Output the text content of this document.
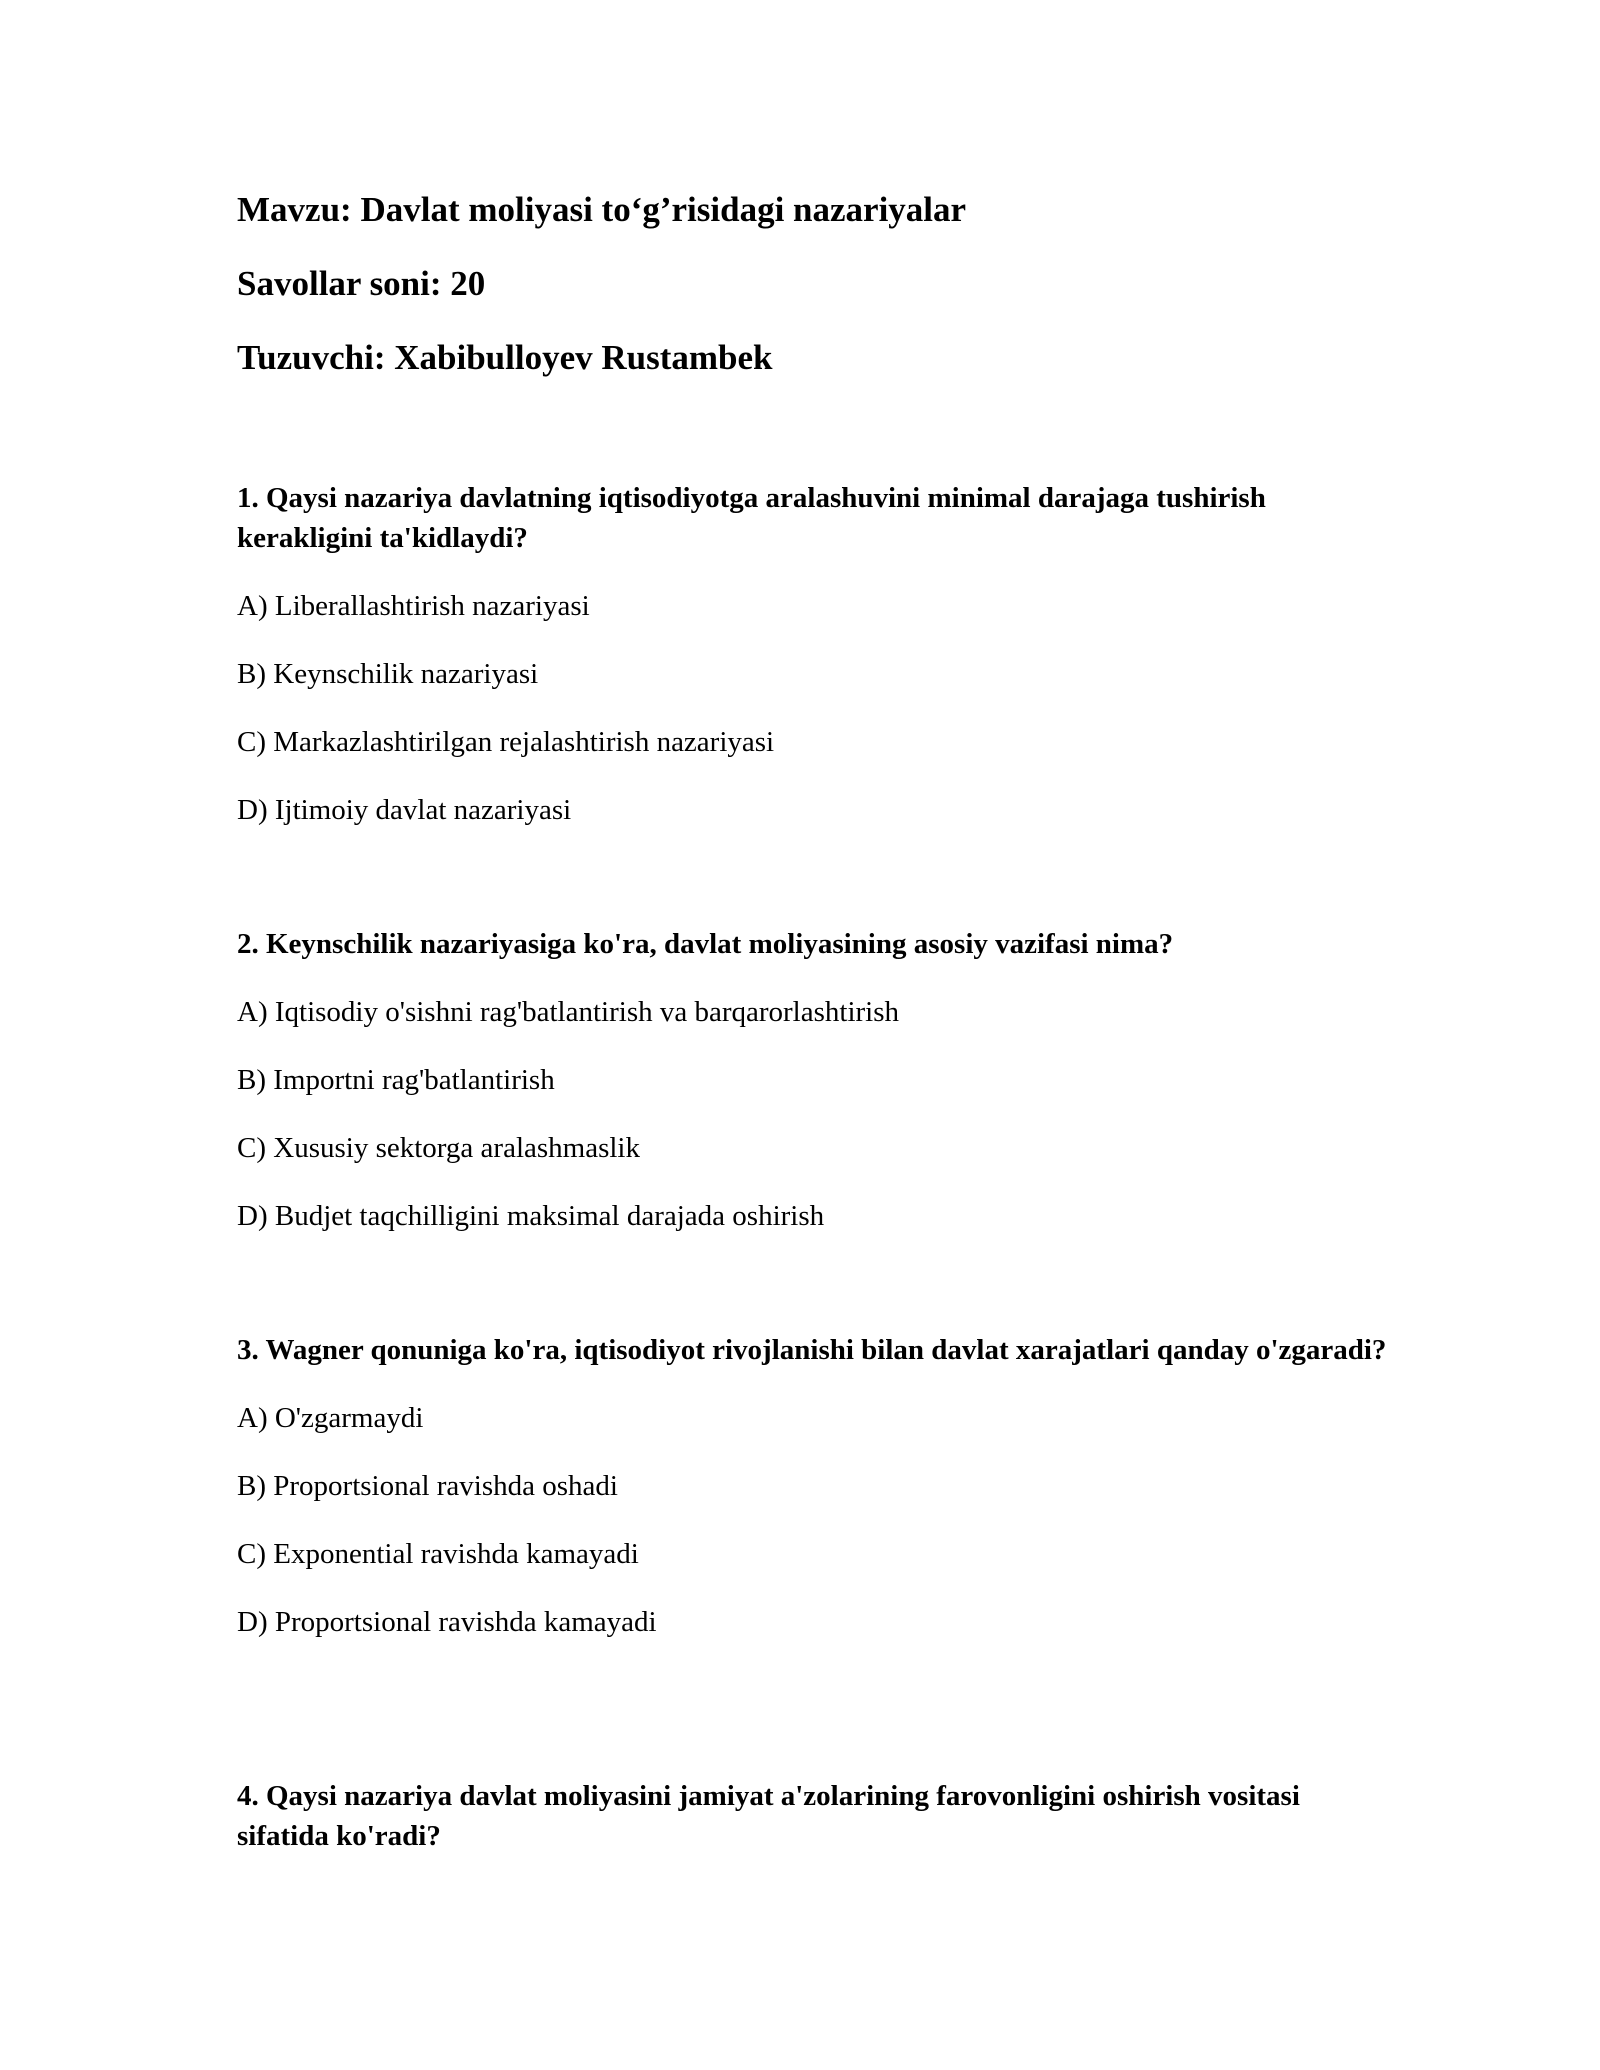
Mavzu: Davlat moliyasi to‘g’risidagi nazariyalar
Savollar soni: 20
Tuzuvchi: Xabibulloyev Rustambek

1. Qaysi nazariya davlatning iqtisodiyotga aralashuvini minimal darajaga tushirish kerakligini ta'kidlaydi?

A) Liberallashtirish nazariyasi

B) Keynschilik nazariyasi

C) Markazlashtirilgan rejalashtirish nazariyasi

D) Ijtimoiy davlat nazariyasi

2. Keynschilik nazariyasiga ko'ra, davlat moliyasining asosiy vazifasi nima?

A) Iqtisodiy o'sishni rag'batlantirish va barqarorlashtirish

B) Importni rag'batlantirish

C) Xususiy sektorga aralashmaslik

D) Budjet taqchilligini maksimal darajada oshirish

3. Wagner qonuniga ko'ra, iqtisodiyot rivojlanishi bilan davlat xarajatlari qanday o'zgaradi?

A) O'zgarmaydi

B) Proportsional ravishda oshadi

C) Exponential ravishda kamayadi

D) Proportsional ravishda kamayadi

4. Qaysi nazariya davlat moliyasini jamiyat a'zolarining farovonligini oshirish vositasi sifatida ko'radi?
